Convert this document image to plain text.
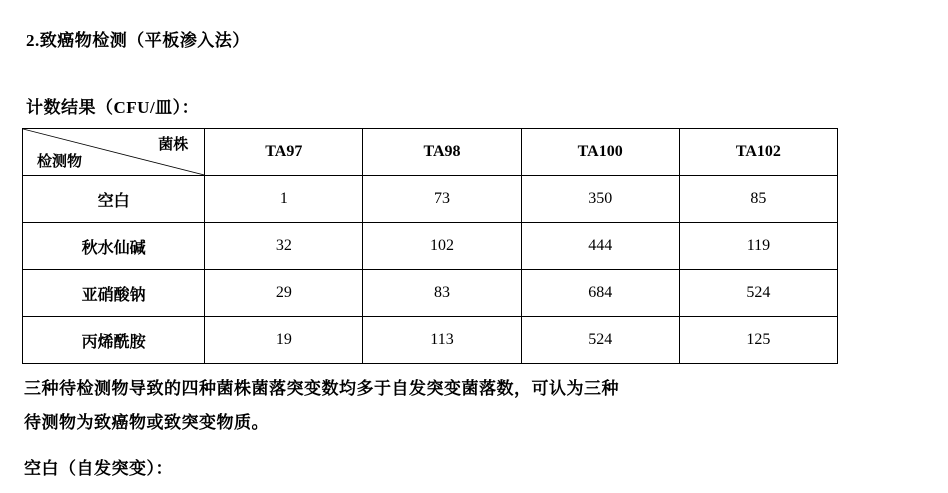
2.致癌物检测（平板渗入法）
计数结果（CFU/皿）：
菌株
检测物	TA97	TA98	TA100	TA102
空白	1	73	350	85
秋水仙碱	32	102	444	119
亚硝酸钠	29	83	684	524
丙烯酰胺	19	113	524	125
三种待检测物导致的四种菌株菌落突变数均多于自发突变菌落数，可认为三种
待测物为致癌物或致突变物质。
空白（自发突变）：
